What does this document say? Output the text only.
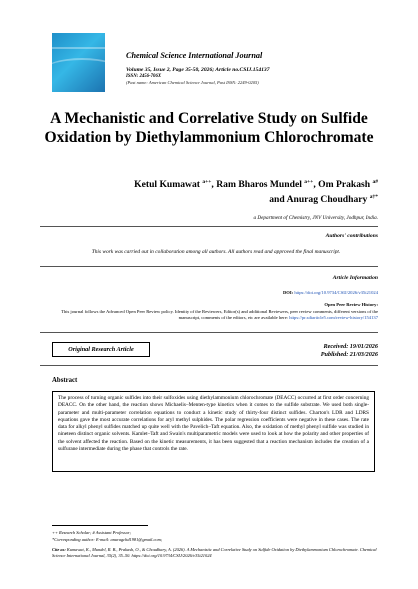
Chemical Science International Journal
Volume 35, Issue 2, Page 35-50, 2026; Article no.CSIJ.154137
ISSN: 2456-706X
(Past name: American Chemical Science Journal, Past ISSN: 2249-0205)
A Mechanistic and Correlative Study on Sulfide Oxidation by Diethylammonium Chlorochromate
Ketul Kumawat $^{a++}$, Ram Bharos Mundel $^{a++}$, Om Prakash $^{a\#}$
and Anurag Choudhary $^{a\dagger*}$
a Department of Chemistry, JNV University, Jodhpur, India.
Authors' contributions
This work was carried out in collaboration among all authors. All authors read and approved the final manuscript.
Article Information
DOI: https://doi.org/10.9734/CSIJ/2026/v35i21024
Open Peer Review History:
This journal follows the Advanced Open Peer Review policy. Identity of the Reviewers, Editor(s) and additional Reviewers, peer review comments, different versions of the manuscript, comments of the editors, etc are available here: https://pr.sdiarticle5.com/review-history/154137
Original Research Article	Received: 19/01/2026
Published: 21/03/2026
Abstract
The process of turning organic sulfides into their sulfoxides using diethylammonium chlorochromate (DEACC) occurred at first order concerning DEACC. On the other hand, the reaction shows Michaelis–Menten-type kinetics when it comes to the sulfide substrate. We used both single-parameter and multi-parameter correlation equations to conduct a kinetic study of thirty-four distinct sulfides. Charton's LDR and LDRS equations gave the most accurate correlations for aryl methyl sulphides. The polar regression coefficients were negative in these cases. The rate data for alkyl phenyl sulfides matched up quite well with the Pavelich–Taft equation. Also, the oxidation of methyl phenyl sulfide was studied in nineteen distinct organic solvents. Kamlet–Taft and Swain's multiparametric models were used to look at how the polarity and other properties of the solvent affected the reaction. Based on the kinetic measurements, it has been suggested that a reaction mechanism includes the creation of a sulfurane intermediate during the phase that controls the rate.
++ Research Scholar; # Assistant Professor;
*Corresponding author: E-mail: anuragchd1981@gmail.com;
Cite as: Kumawat, K., Mundel, R. B., Prakash, O., & Choudhary, A. (2026). A Mechanistic and Correlative Study on Sulfide Oxidation by Diethylammonium Chlorochromate. Chemical Science International Journal, 35(2), 35–50. https://doi.org/10.9734/CSIJ/2026/v35i21024
